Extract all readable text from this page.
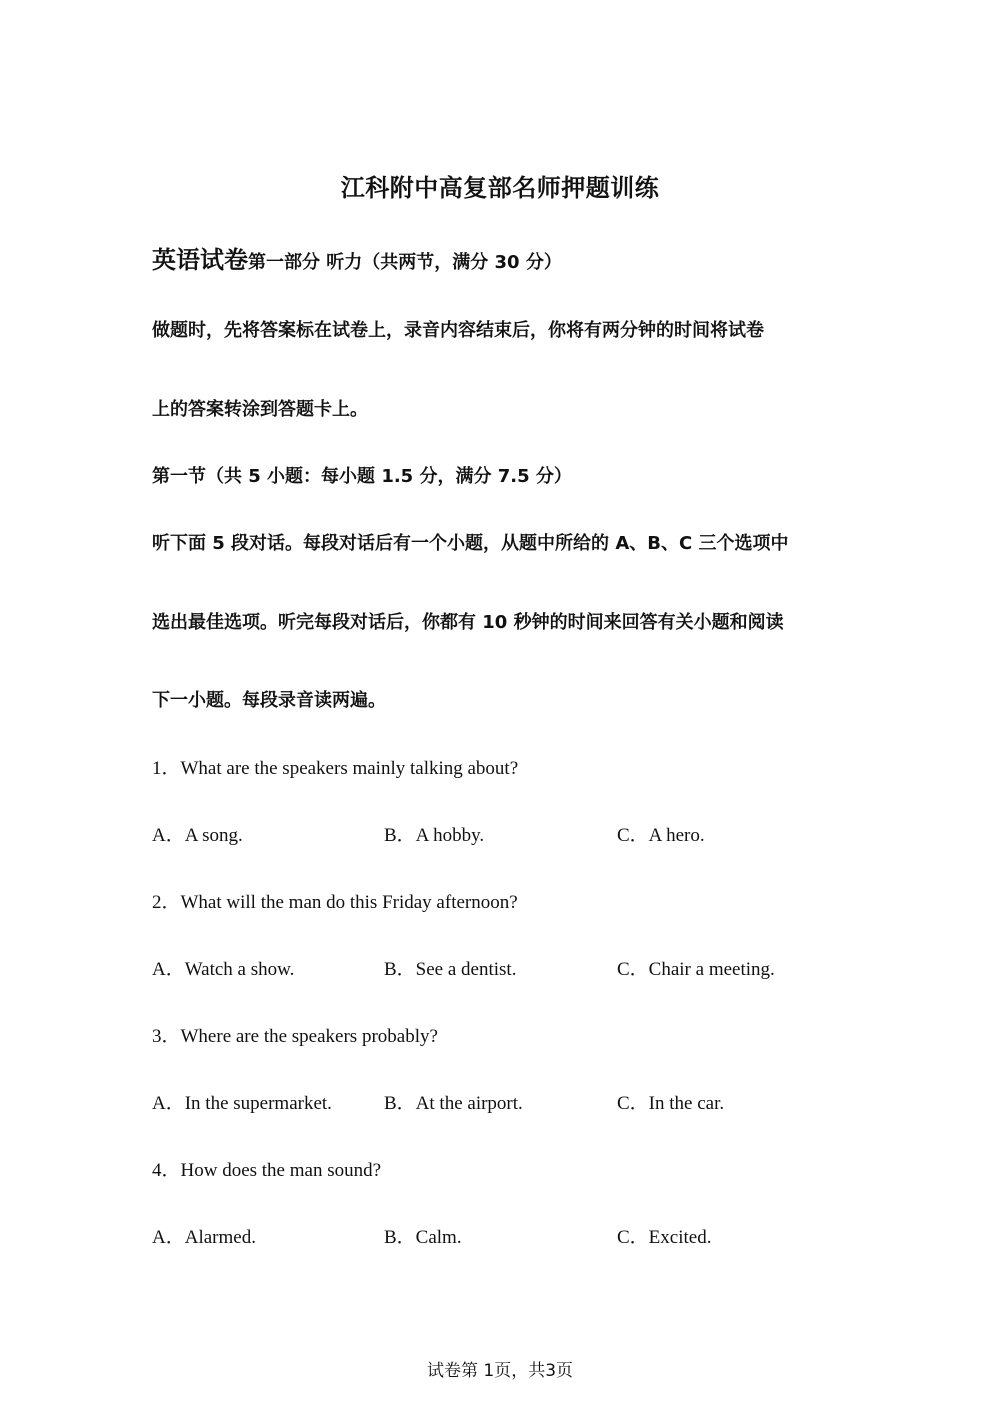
江科附中高复部名师押题训练
英语试卷第一部分 听力（共两节，满分 30 分）
做题时，先将答案标在试卷上，录音内容结束后，你将有两分钟的时间将试卷
上的答案转涂到答题卡上。
第一节（共 5 小题：每小题 1.5 分，满分 7.5 分）
听下面 5 段对话。每段对话后有一个小题，从题中所给的 A、B、C 三个选项中
选出最佳选项。听完每段对话后，你都有 10 秒钟的时间来回答有关小题和阅读
下一小题。每段录音读两遍。
1．What are the speakers mainly talking about?
A．A song.	B．A hobby.	C．A hero.
2．What will the man do this Friday afternoon?
A．Watch a show.	B．See a dentist.	C．Chair a meeting.
3．Where are the speakers probably?
A．In the supermarket.	B．At the airport.	C．In the car.
4．How does the man sound?
A．Alarmed.	B．Calm.	C．Excited.
试卷第 1页，共3页
